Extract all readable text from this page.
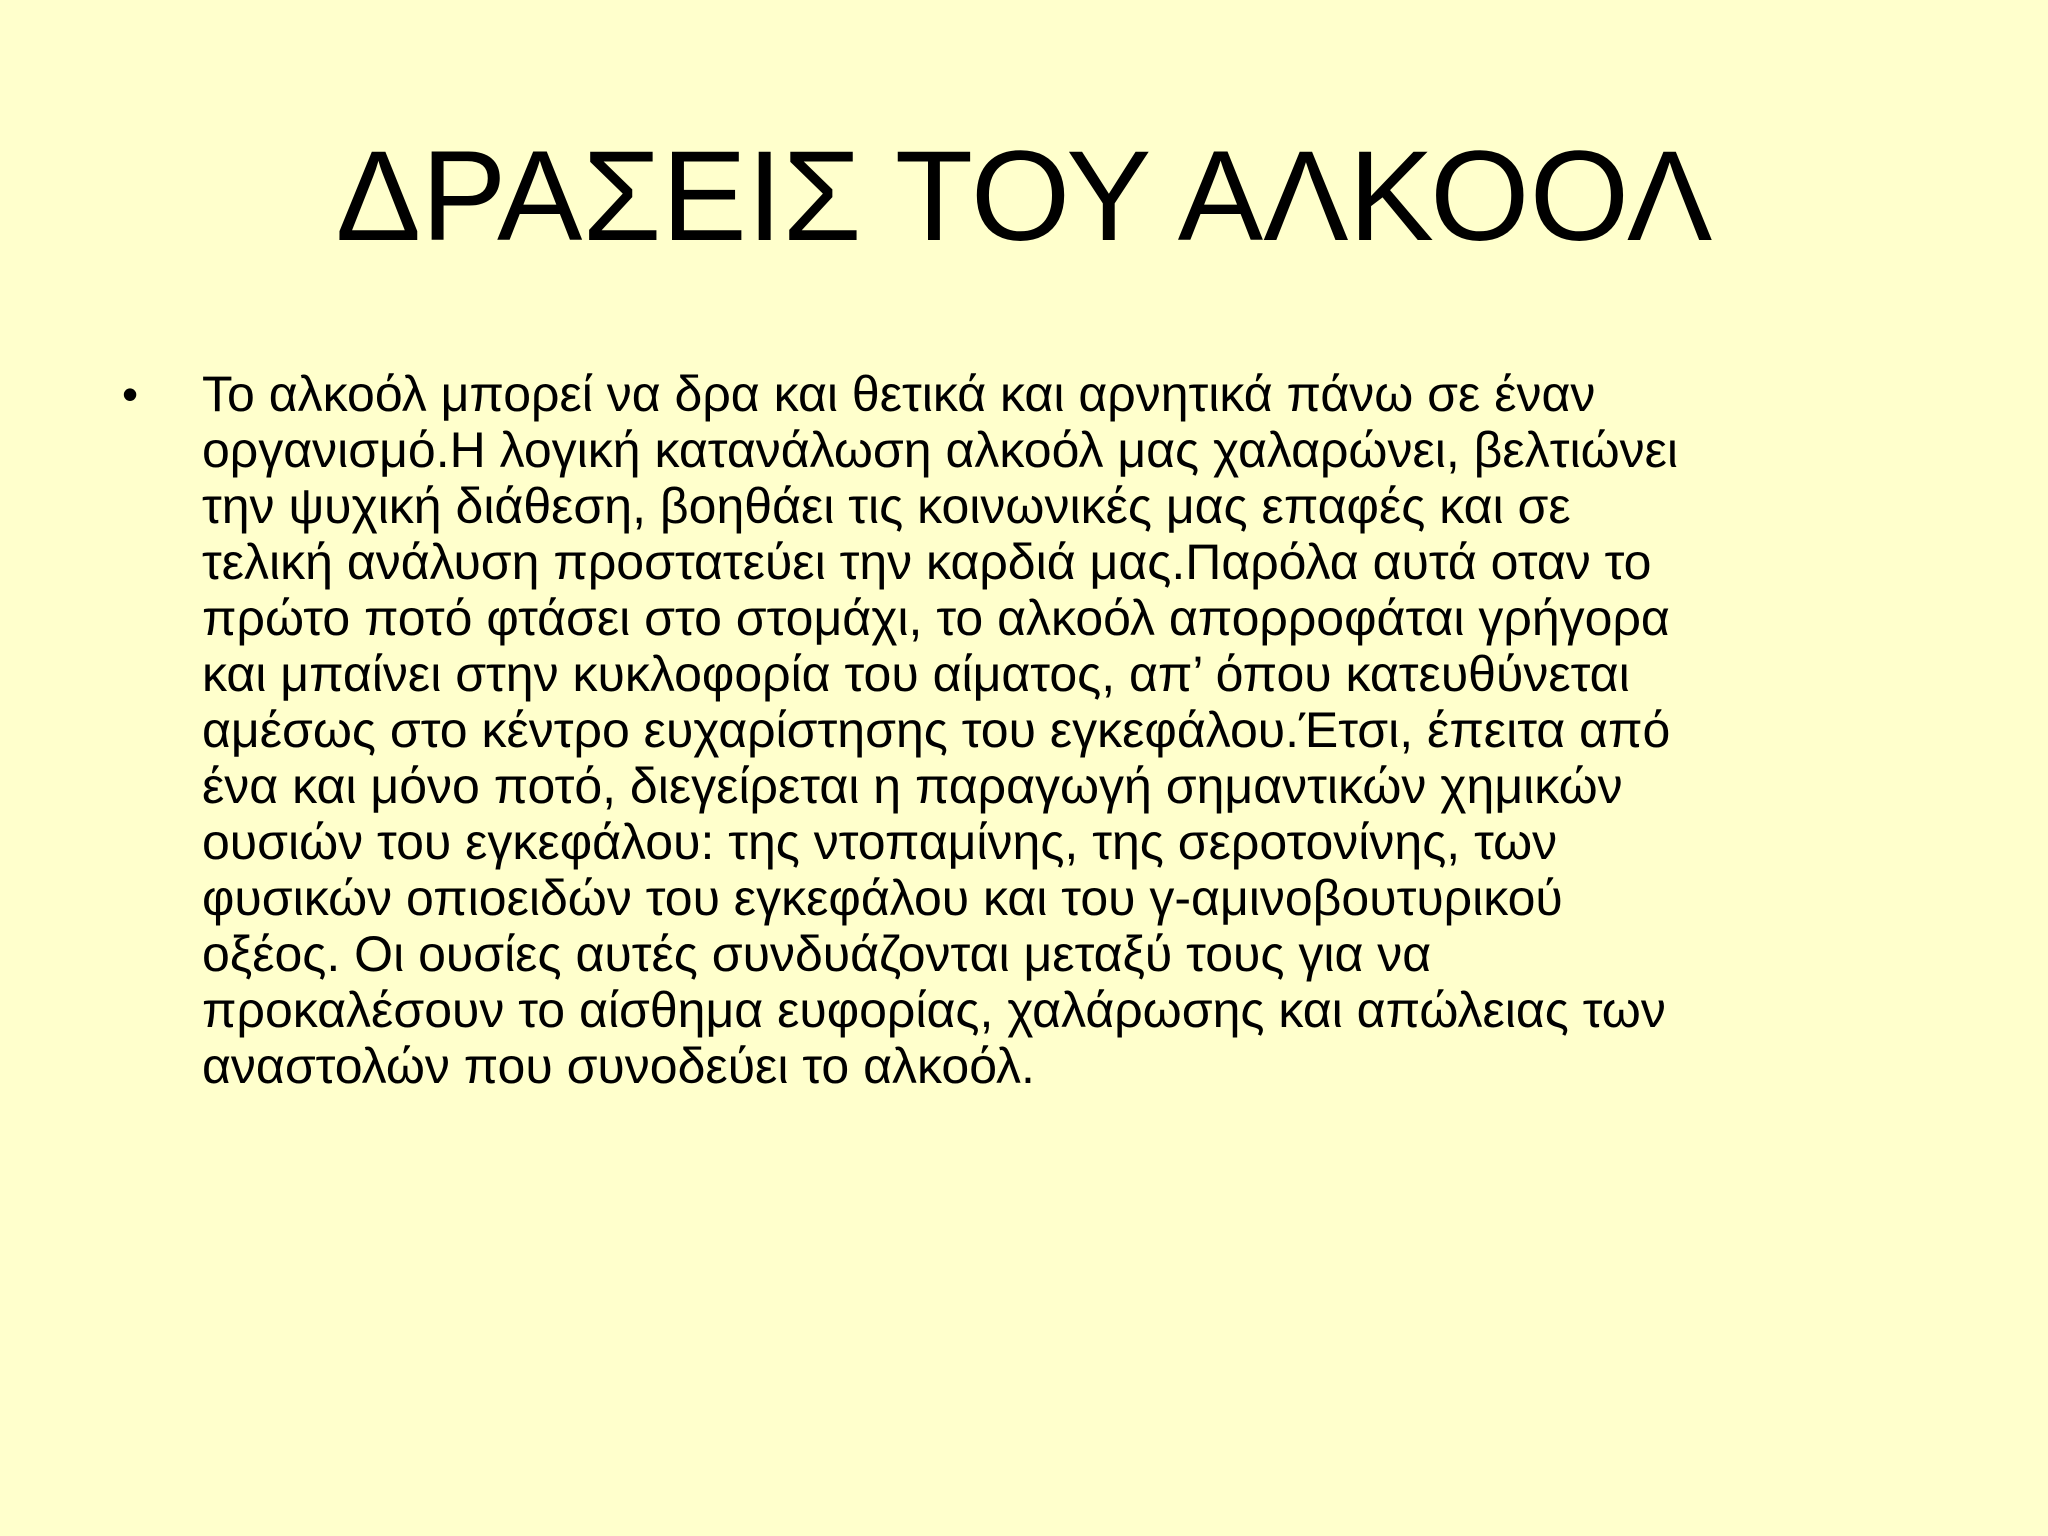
ΔΡΑΣΕΙΣ ΤΟΥ ΑΛΚΟΟΛ
• Το αλκοόλ μπορεί να δρα και θετικά και αρνητικά πάνω σε έναν
οργανισμό.Η λογική κατανάλωση αλκοόλ μας χαλαρώνει, βελτιώνει
την ψυχική διάθεση, βοηθάει τις κοινωνικές μας επαφές και σε
τελική ανάλυση προστατεύει την καρδιά μας.Παρόλα αυτά οταν το
πρώτο ποτό φτάσει στο στομάχι, το αλκοόλ απορροφάται γρήγορα
και μπαίνει στην κυκλοφορία του αίματος, απ’ όπου κατευθύνεται
αμέσως στο κέντρο ευχαρίστησης του εγκεφάλου.Έτσι, έπειτα από
ένα και μόνο ποτό, διεγείρεται η παραγωγή σημαντικών χημικών
ουσιών του εγκεφάλου: της ντοπαμίνης, της σεροτονίνης, των
φυσικών οπιοειδών του εγκεφάλου και του γ-αμινοβουτυρικού
οξέος. Οι ουσίες αυτές συνδυάζονται μεταξύ τους για να
προκαλέσουν το αίσθημα ευφορίας, χαλάρωσης και απώλειας των
αναστολών που συνοδεύει το αλκοόλ.
